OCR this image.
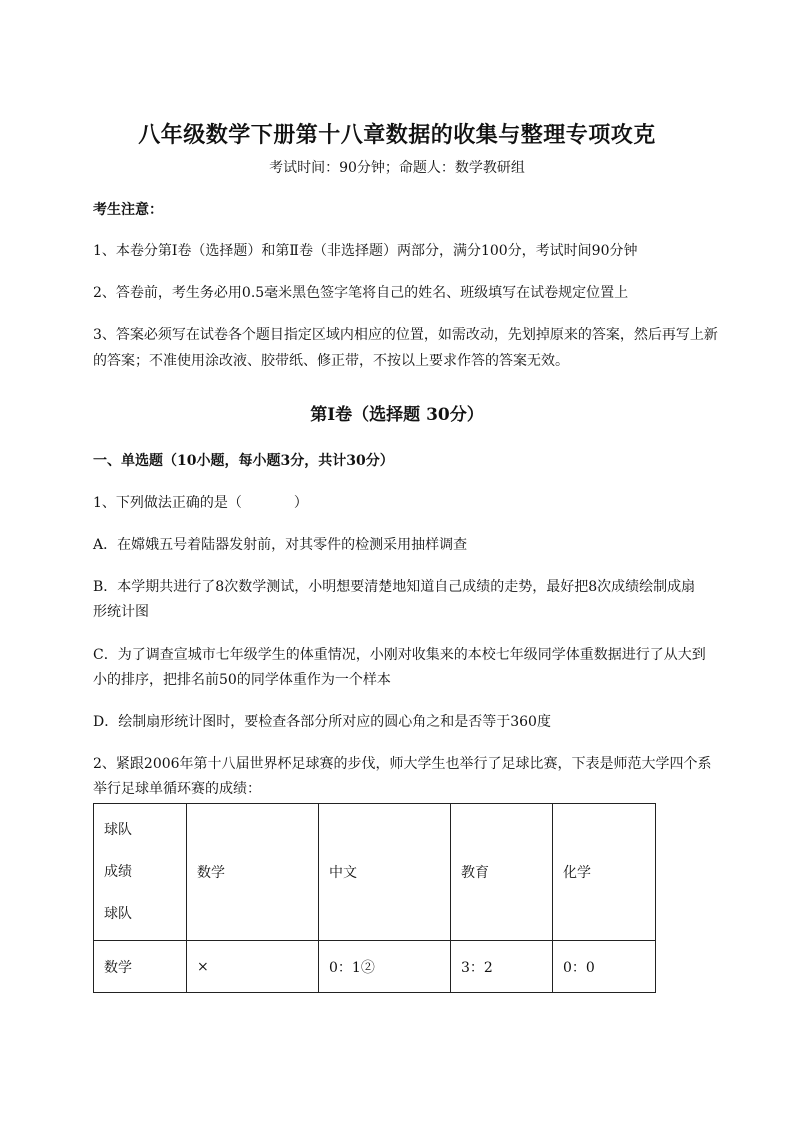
八年级数学下册第十八章数据的收集与整理专项攻克
考试时间：90分钟；命题人：数学教研组
考生注意：
1、本卷分第I卷（选择题）和第Ⅱ卷（非选择题）两部分，满分100分，考试时间90分钟
2、答卷前，考生务必用0.5毫米黑色签字笔将自己的姓名、班级填写在试卷规定位置上
3、答案必须写在试卷各个题目指定区域内相应的位置，如需改动，先划掉原来的答案，然后再写上新
的答案；不准使用涂改液、胶带纸、修正带，不按以上要求作答的答案无效。
第I卷（选择题 30分）
一、单选题（10小题，每小题3分，共计30分）
1、下列做法正确的是（	）
A．在嫦娥五号着陆器发射前，对其零件的检测采用抽样调查
B．本学期共进行了8次数学测试，小明想要清楚地知道自己成绩的走势，最好把8次成绩绘制成扇
形统计图
C．为了调查宣城市七年级学生的体重情况，小刚对收集来的本校七年级同学体重数据进行了从大到
小的排序，把排名前50的同学体重作为一个样本
D．绘制扇形统计图时，要检查各部分所对应的圆心角之和是否等于360度
2、紧跟2006年第十八届世界杯足球赛的步伐，师大学生也举行了足球比赛，下表是师范大学四个系
举行足球单循环赛的成绩：
球队
成绩
球队	数学	中文	教育	化学
数学	×	0：1②	3：2	0：0
